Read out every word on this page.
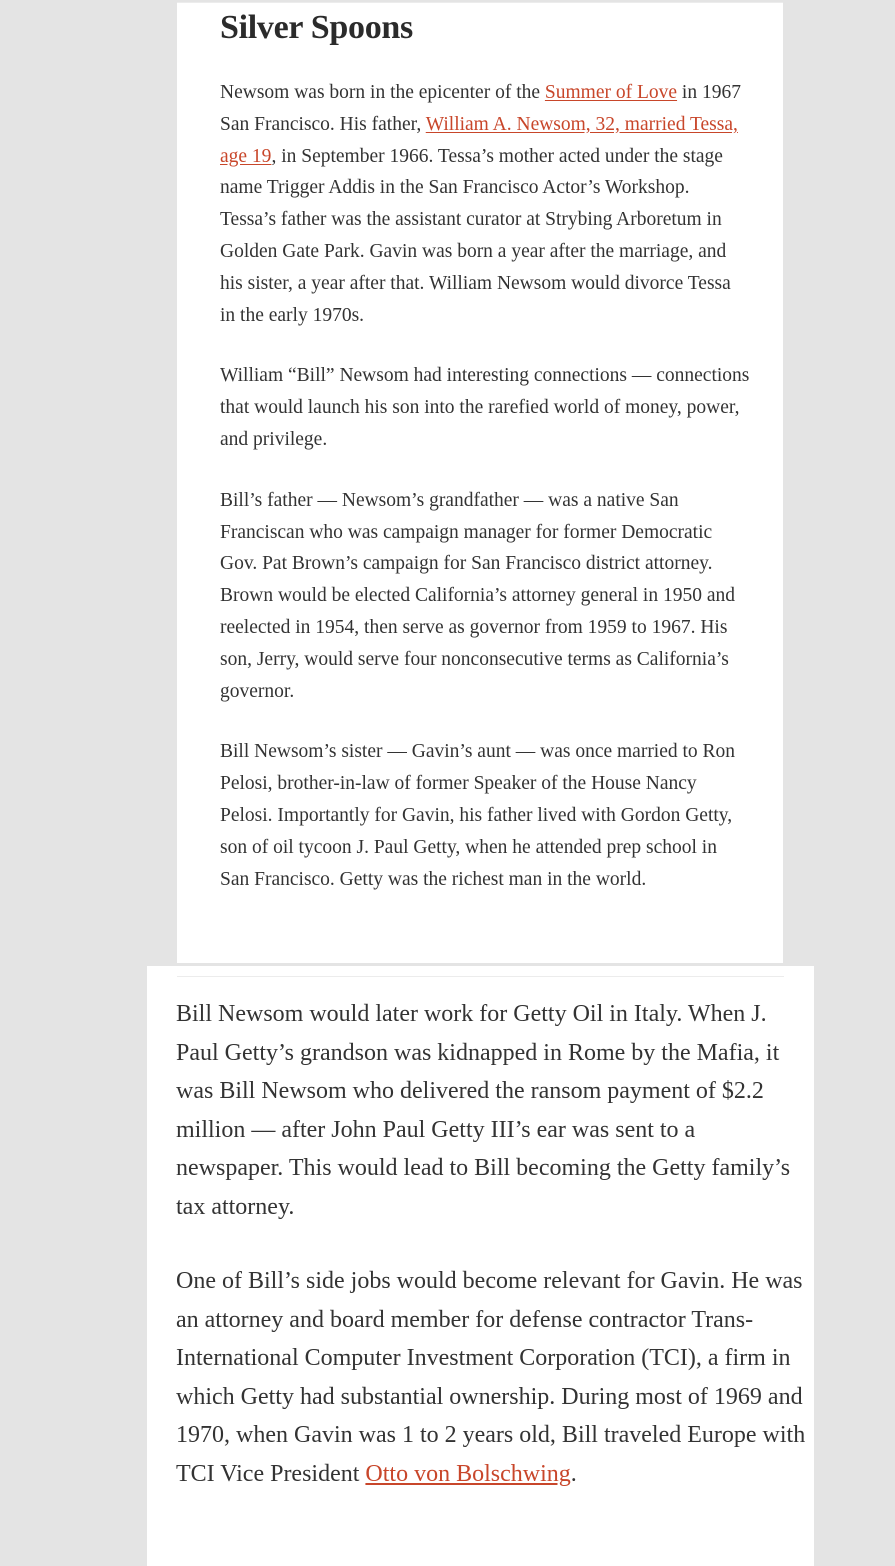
Silver Spoons

Newsom was born in the epicenter of the Summer of Love in 1967 San Francisco. His father, William A. Newsom, 32, married Tessa, age 19, in September 1966. Tessa’s mother acted under the stage name Trigger Addis in the San Francisco Actor’s Workshop. Tessa’s father was the assistant curator at Strybing Arboretum in Golden Gate Park. Gavin was born a year after the marriage, and his sister, a year after that. William Newsom would divorce Tessa in the early 1970s.

William “Bill” Newsom had interesting connections — connections that would launch his son into the rarefied world of money, power, and privilege.

Bill’s father — Newsom’s grandfather — was a native San Franciscan who was campaign manager for former Democratic Gov. Pat Brown’s campaign for San Francisco district attorney. Brown would be elected California’s attorney general in 1950 and reelected in 1954, then serve as governor from 1959 to 1967. His son, Jerry, would serve four nonconsecutive terms as California’s governor.

Bill Newsom’s sister — Gavin’s aunt — was once married to Ron Pelosi, brother-in-law of former Speaker of the House Nancy Pelosi. Importantly for Gavin, his father lived with Gordon Getty, son of oil tycoon J. Paul Getty, when he attended prep school in San Francisco. Getty was the richest man in the world.

Bill Newsom would later work for Getty Oil in Italy. When J. Paul Getty’s grandson was kidnapped in Rome by the Mafia, it was Bill Newsom who delivered the ransom payment of $2.2 million — after John Paul Getty III’s ear was sent to a newspaper. This would lead to Bill becoming the Getty family’s tax attorney.

One of Bill’s side jobs would become relevant for Gavin. He was an attorney and board member for defense contractor Trans-International Computer Investment Corporation (TCI), a firm in which Getty had substantial ownership. During most of 1969 and 1970, when Gavin was 1 to 2 years old, Bill traveled Europe with TCI Vice President Otto von Bolschwing.
